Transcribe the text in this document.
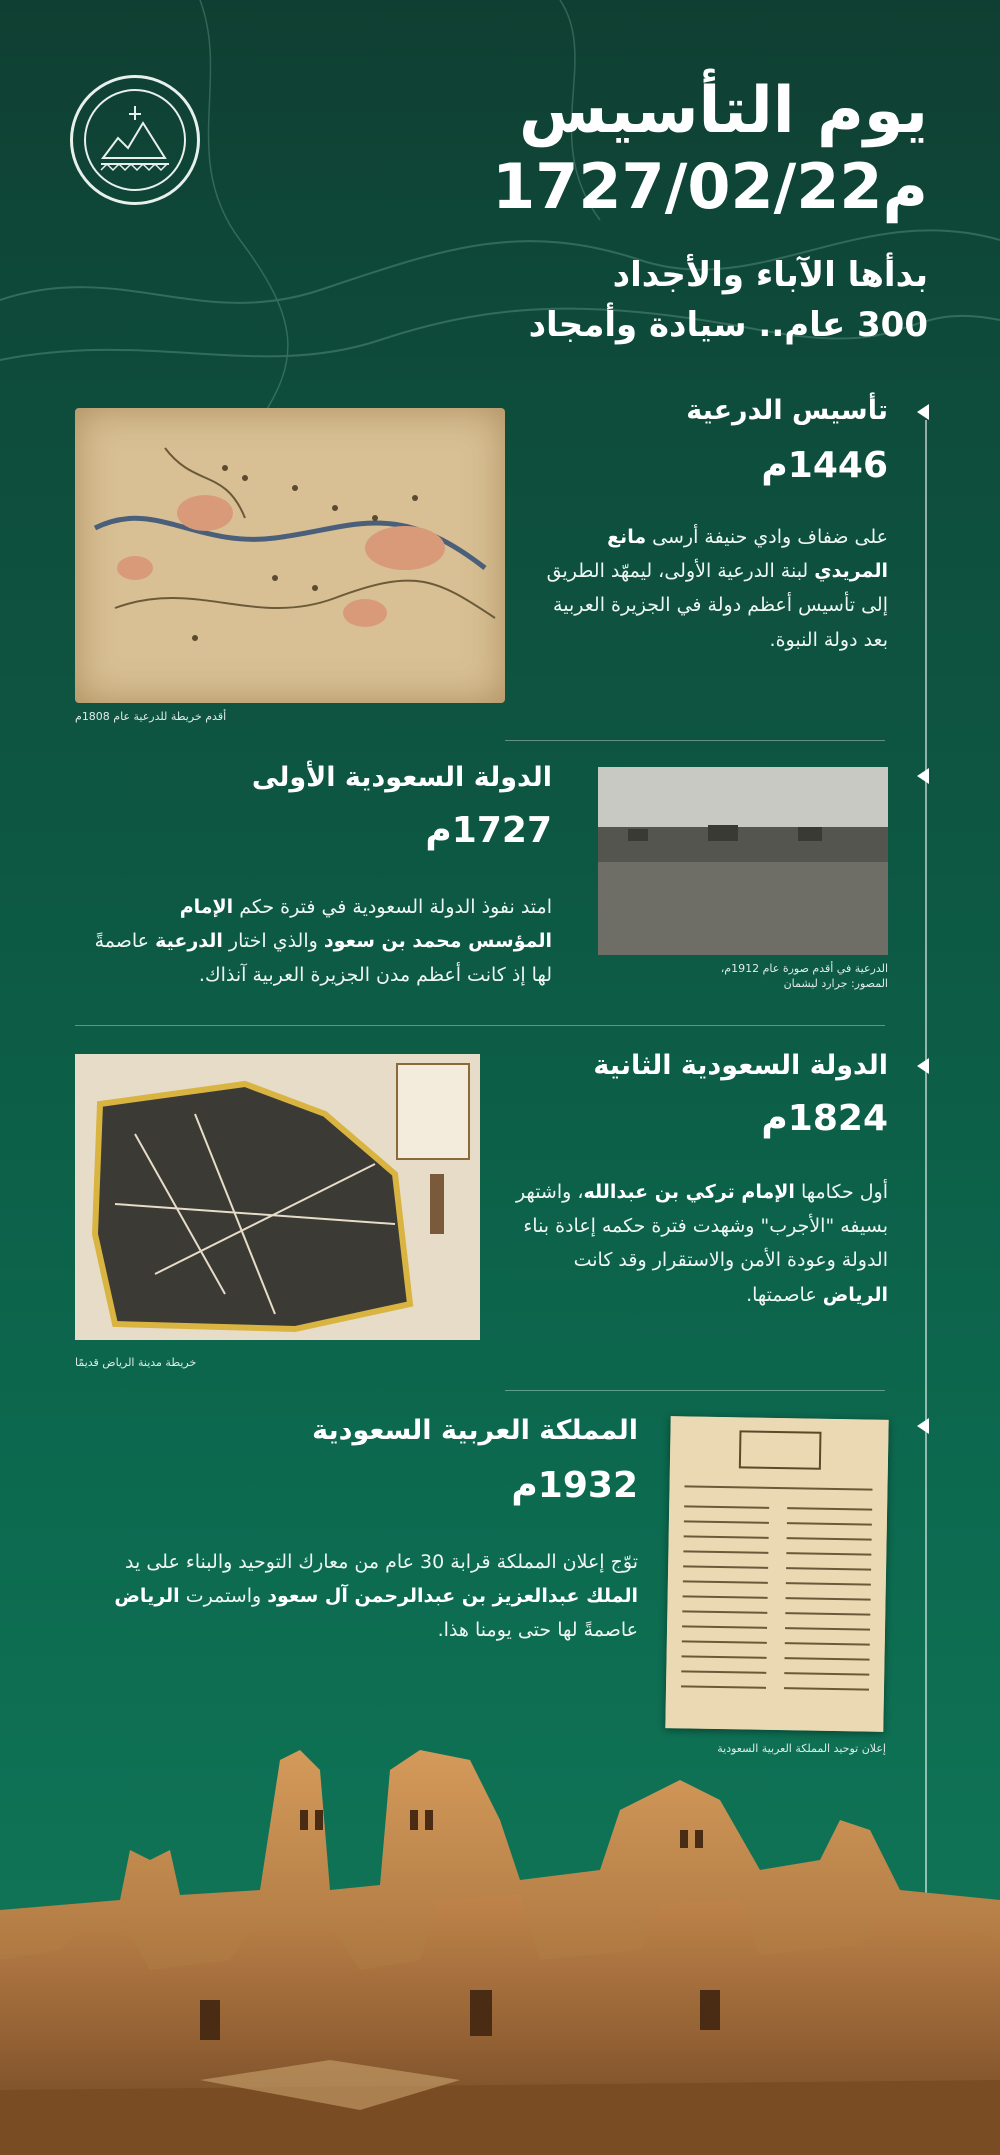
يوم التأسيس
1727/02/22م
بدأها الآباء والأجداد
300 عام.. سيادة وأمجاد
تأسيس الدرعية
1446م
على ضفاف وادي حنيفة أرسى مانع المريدي لبنة الدرعية الأولى، ليمهّد الطريق إلى تأسيس أعظم دولة في الجزيرة العربية بعد دولة النبوة.
أقدم خريطة للدرعية عام 1808م
الدولة السعودية الأولى
1727م
امتد نفوذ الدولة السعودية في فترة حكم الإمام المؤسس محمد بن سعود والذي اختار الدرعية عاصمةً لها إذ كانت أعظم مدن الجزيرة العربية آنذاك.	الدرعية في أقدم صورة عام 1912م،
المصور: جرارد ليشمان
الدولة السعودية الثانية
1824م
أول حكامها الإمام تركي بن عبدالله، واشتهر بسيفه "الأجرب" وشهدت فترة حكمه إعادة بناء الدولة وعودة الأمن والاستقرار وقد كانت الرياض عاصمتها.
خريطة مدينة الرياض قديمًا
المملكة العربية السعودية
1932م
توّج إعلان المملكة قرابة 30 عام من معارك التوحيد والبناء على يد الملك عبدالعزيز بن عبدالرحمن آل سعود واستمرت الرياض عاصمةً لها حتى يومنا هذا.
إعلان توحيد المملكة العربية السعودية
